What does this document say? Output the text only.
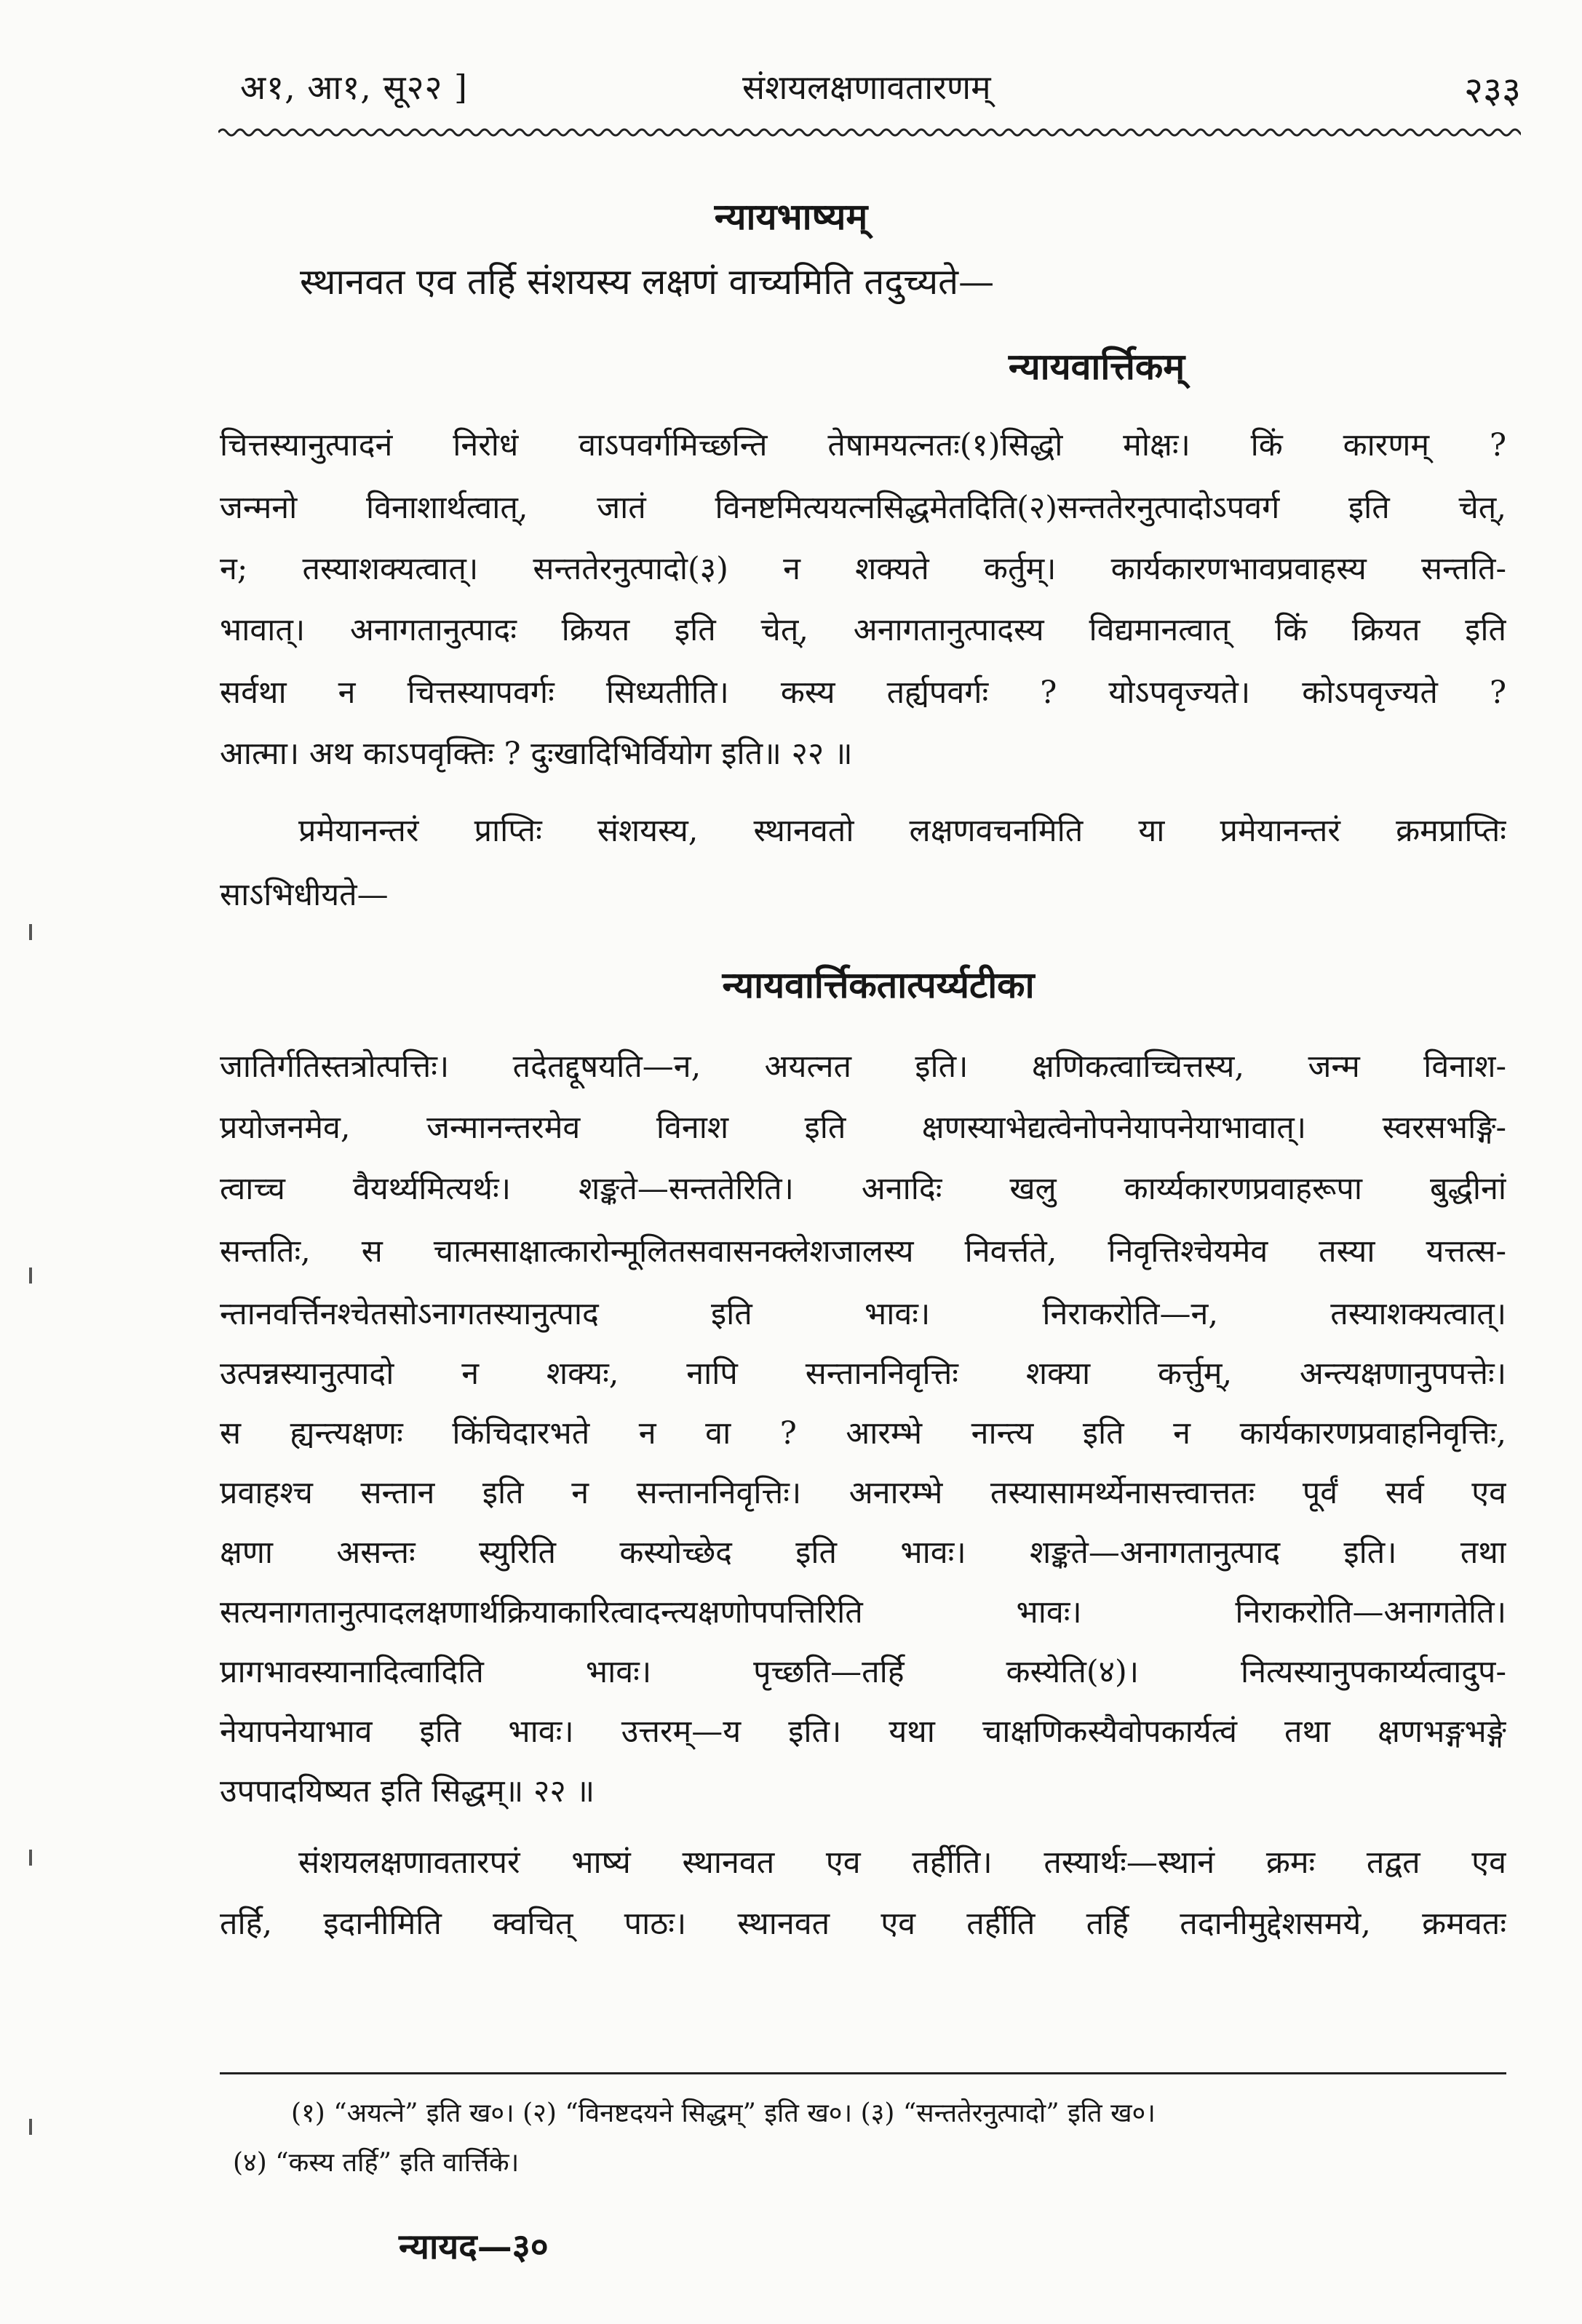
अ१, आ१, सू२२ ]	संशयलक्षणावतारणम्	२३३
न्यायभाष्यम्
स्थानवत एव तर्हि संशयस्य लक्षणं वाच्यमिति तदुच्यते—
न्यायवार्त्तिकम्
चित्तस्यानुत्पादनं निरोधं वाऽपवर्गमिच्छन्ति तेषामयत्नतः(१)सिद्धो मोक्षः। किं कारणम् ?
जन्मनो विनाशार्थत्वात्, जातं विनष्टमित्ययत्नसिद्धमेतदिति(२)सन्ततेरनुत्पादोऽपवर्ग इति चेत्,
न; तस्याशक्यत्वात्। सन्ततेरनुत्पादो(३) न शक्यते कर्तुम्। कार्यकारणभावप्रवाहस्य सन्तति-
भावात्। अनागतानुत्पादः क्रियत इति चेत्, अनागतानुत्पादस्य विद्यमानत्वात् किं क्रियत इति
सर्वथा न चित्तस्यापवर्गः सिध्यतीति। कस्य तर्ह्यपवर्गः ? योऽपवृज्यते। कोऽपवृज्यते ?
आत्मा। अथ काऽपवृक्तिः ? दुःखादिभिर्वियोग इति॥ २२ ॥
प्रमेयानन्तरं प्राप्तिः संशयस्य, स्थानवतो लक्षणवचनमिति या प्रमेयानन्तरं क्रमप्राप्तिः
साऽभिधीयते—
न्यायवार्त्तिकतात्पर्य्यटीका
जातिर्गतिस्तत्रोत्पत्तिः। तदेतद्दूषयति—न, अयत्नत इति। क्षणिकत्वाच्चित्तस्य, जन्म विनाश-
प्रयोजनमेव, जन्मानन्तरमेव विनाश इति क्षणस्याभेद्यत्वेनोपनेयापनेयाभावात्। स्वरसभङ्गि-
त्वाच्च वैयर्थ्यमित्यर्थः। शङ्कते—सन्ततेरिति। अनादिः खलु कार्य्यकारणप्रवाहरूपा बुद्धीनां
सन्ततिः, स चात्मसाक्षात्कारोन्मूलितसवासनक्लेशजालस्य निवर्त्तते, निवृत्तिश्चेयमेव तस्या यत्तत्स-
न्तानवर्त्तिनश्चेतसोऽनागतस्यानुत्पाद इति भावः। निराकरोति—न, तस्याशक्यत्वात्।
उत्पन्नस्यानुत्पादो न शक्यः, नापि सन्ताननिवृत्तिः शक्या कर्त्तुम्, अन्त्यक्षणानुपपत्तेः।
स ह्यन्त्यक्षणः किंचिदारभते न वा ? आरम्भे नान्त्य इति न कार्यकारणप्रवाहनिवृत्तिः,
प्रवाहश्च सन्तान इति न सन्ताननिवृत्तिः। अनारम्भे तस्यासामर्थ्येनासत्त्वात्ततः पूर्वं सर्व एव
क्षणा असन्तः स्युरिति कस्योच्छेद इति भावः। शङ्कते—अनागतानुत्पाद इति। तथा
सत्यनागतानुत्पादलक्षणार्थक्रियाकारित्वादन्त्यक्षणोपपत्तिरिति भावः। निराकरोति—अनागतेति।
प्रागभावस्यानादित्वादिति भावः। पृच्छति—तर्हि कस्येति(४)। नित्यस्यानुपकार्य्यत्वादुप-
नेयापनेयाभाव इति भावः। उत्तरम्—य इति। यथा चाक्षणिकस्यैवोपकार्यत्वं तथा क्षणभङ्गभङ्गे
उपपादयिष्यत इति सिद्धम्॥ २२ ॥
संशयलक्षणावतारपरं भाष्यं स्थानवत एव तर्हीति। तस्यार्थः—स्थानं क्रमः तद्वत एव
तर्हि, इदानीमिति क्वचित् पाठः। स्थानवत एव तर्हीति तर्हि तदानीमुद्देशसमये, क्रमवतः
(१) “अयत्ने” इति ख०। (२) “विनष्टदयने सिद्धम्” इति ख०। (३) “सन्ततेरनुत्पादो” इति ख०।
(४) “कस्य तर्हि” इति वार्त्तिके।
न्यायद—३०
